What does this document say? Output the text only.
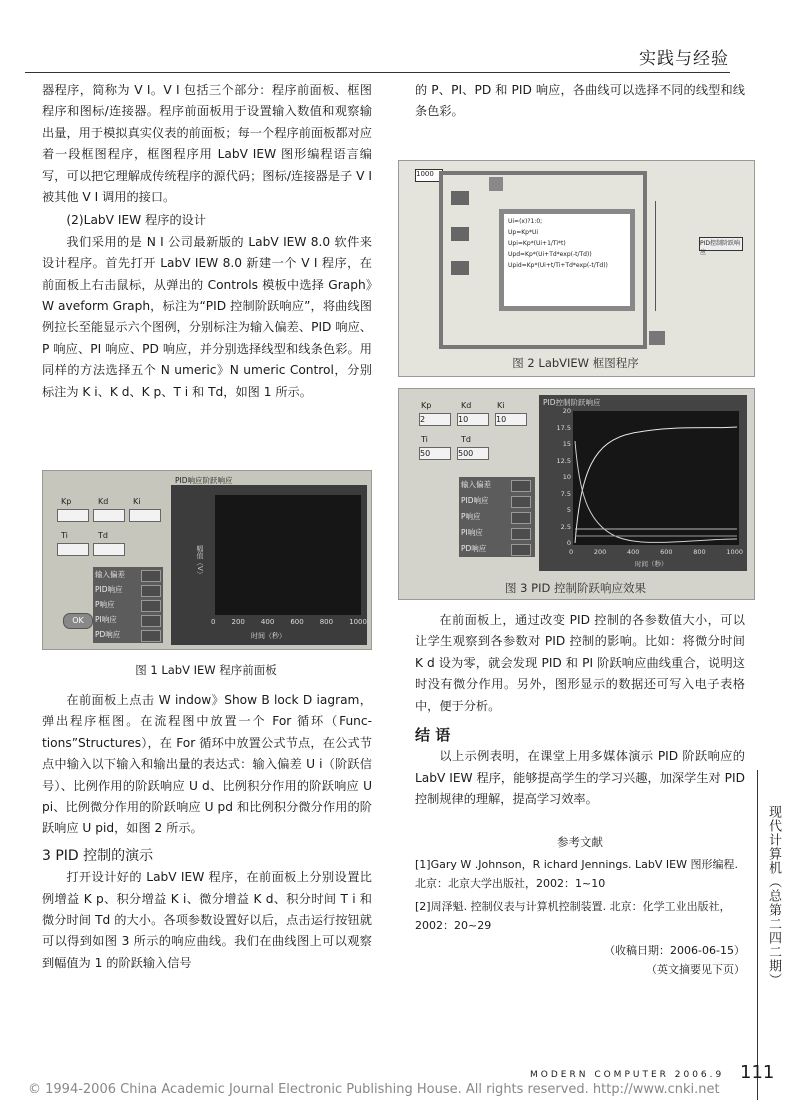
实践与经验

器程序，简称为 V I。V I 包括三个部分：程序前面板、框图程序和图标/连接器。程序前面板用于设置输入数值和观察输出量，用于模拟真实仪表的前面板；每一个程序前面板都对应着一段框图程序，框图程序用 LabV IEW 图形编程语言编写，可以把它理解成传统程序的源代码；图标/连接器是子 V I 被其他 V I 调用的接口。

(2)LabV IEW 程序的设计

我们采用的是 N I 公司最新版的 LabV IEW 8.0 软件来设计程序。首先打开 LabV IEW 8.0 新建一个 V I 程序，在前面板上右击鼠标，从弹出的 Controls 模板中选择 Graph》W aveform Graph，标注为“PID 控制阶跃响应”，将曲线图例拉长至能显示六个图例，分别标注为输入偏差、PID 响应、P 响应、PI 响应、PD 响应，并分别选择线型和线条色彩。用同样的方法选择五个 N umeric》N umeric Control，分别标注为 K i、K d、K p、T i 和 Td，如图 1 所示。

Kp	Kd	Ki
Ti	Td
OK
PID响应阶跃响应
幅值（V）
0 200 400 600 800 1000
时间（秒）
输入偏差
PID响应
P响应
PI响应
PD响应
图 1 LabV IEW 程序前面板

在前面板上点击 W indow》Show B lock D iagram，弹出程序框图。在流程图中放置一个 For 循环（Func- tions”Structures），在 For 循环中放置公式节点，在公式节点中输入以下输入和输出量的表达式：输入偏差 U i（阶跃信号）、比例作用的阶跃响应 U d、比例积分作用的阶跃响应 U pi、比例微分作用的阶跃响应 U pd 和比例积分微分作用的阶跃响应 U pid，如图 2 所示。

3 PID 控制的演示

打开设计好的 LabV IEW 程序，在前面板上分别设置比例增益 K p、积分增益 K i、微分增益 K d、积分时间 T i 和微分时间 Td 的大小。各项参数设置好以后，点击运行按钮就可以得到如图 3 所示的响应曲线。我们在曲线图上可以观察到幅值为 1 的阶跃输入信号

的 P、PI、PD 和 PID 响应，各曲线可以选择不同的线型和线条色彩。

1000
Ui=(x)?1:0;
Up=Kp*Ui
Upi=Kp*(Ui+1/Ti*t)
Upd=Kp*(Ui+Td*exp(-t/Td))
Upid=Kp*(Ui+t/Ti+Td*exp(-t/Td))
PID控制阶跃响应
图 2 LabVIEW 框图程序
Kp	Kd	Ki
2	10	10
Ti	Td
50	500
输入偏差
PID响应
P响应
PI响应
PD响应
PID控制阶跃响应
0
2.5
5
7.5
10
12.5
15
17.5
20
0	200	400	600	800	1000
时间（秒）
图 3 PID 控制阶跃响应效果

在前面板上，通过改变 PID 控制的各参数值大小，可以让学生观察到各参数对 PID 控制的影响。比如：将微分时间 K d 设为零，就会发现 PID 和 PI 阶跃响应曲线重合，说明这时没有微分作用。另外，图形显示的数据还可写入电子表格中，便于分析。

结 语

以上示例表明，在课堂上用多媒体演示 PID 阶跃响应的 LabV IEW 程序，能够提高学生的学习兴趣，加深学生对 PID 控制规律的理解，提高学习效率。

参考文献
[1]Gary W .Johnson，R ichard Jennings. LabV IEW 图形编程. 北京：北京大学出版社，2002：1~10
[2]周泽魁. 控制仪表与计算机控制装置. 北京：化学工业出版社，2002：20~29
（收稿日期：2006-06-15）
（英文摘要见下页）	现代计算机（总第二四二期）
MODERN COMPUTER 2006.9 111
© 1994-2006 China Academic Journal Electronic Publishing House. All rights reserved. http://www.cnki.net
